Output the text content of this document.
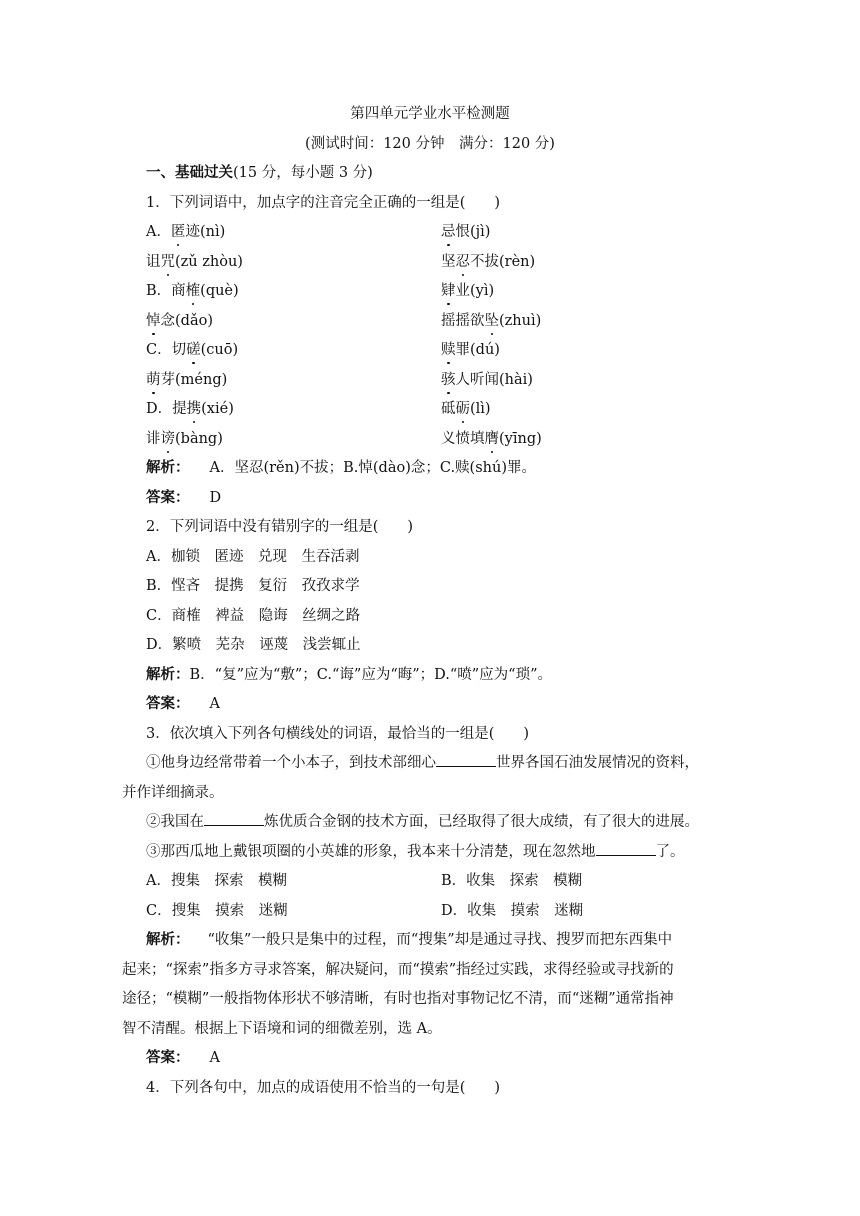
第四单元学业水平检测题
(测试时间：120 分钟　满分：120 分)
一、基础过关(15 分，每小题 3 分)
1．下列词语中，加点字的注音完全正确的一组是(　　)
A．匿迹(nì)	忌恨(jì)
诅咒(zǔ zhòu)	坚忍不拔(rèn)
B．商榷(què)	肄业(yì)
悼念(dǎo)	摇摇欲坠(zhuì)
C．切磋(cuō)	赎罪(dú)
萌芽(méng)	骇人听闻(hài)
D．提携(xié)	砥砺(lì)
诽谤(bàng)	义愤填膺(yīng)
解析： A．坚忍(rěn)不拔；B.悼(dào)念；C.赎(shú)罪。
答案： D
2．下列词语中没有错别字的一组是(　　)
A．枷锁　匿迹　兑现　生吞活剥
B．悭吝　提携　复衍　孜孜求学
C．商榷　裨益　隐诲　丝绸之路
D．繁喷　芜杂　诬蔑　浅尝辄止
解析：B．“复”应为“敷”；C.“诲”应为“晦”；D.“喷”应为“琐”。
答案： A
3．依次填入下列各句横线处的词语，最恰当的一组是(　　)
①他身边经常带着一个小本子，到技术部细心	世界各国石油发展情况的资料，
并作详细摘录。
②我国在	炼优质合金钢的技术方面，已经取得了很大成绩，有了很大的进展。
③那西瓜地上戴银项圈的小英雄的形象，我本来十分清楚，现在忽然地	了。
A．搜集　探索　模糊	B．收集　探索　模糊
C．搜集　摸索　迷糊	D．收集　摸索　迷糊
解析： “收集”一般只是集中的过程，而“搜集”却是通过寻找、搜罗而把东西集中
起来；“探索”指多方寻求答案，解决疑问，而“摸索”指经过实践，求得经验或寻找新的
途径；“模糊”一般指物体形状不够清晰，有时也指对事物记忆不清，而“迷糊”通常指神
智不清醒。根据上下语境和词的细微差别，选 A。
答案： A
4．下列各句中，加点的成语使用不恰当的一句是(　　)
